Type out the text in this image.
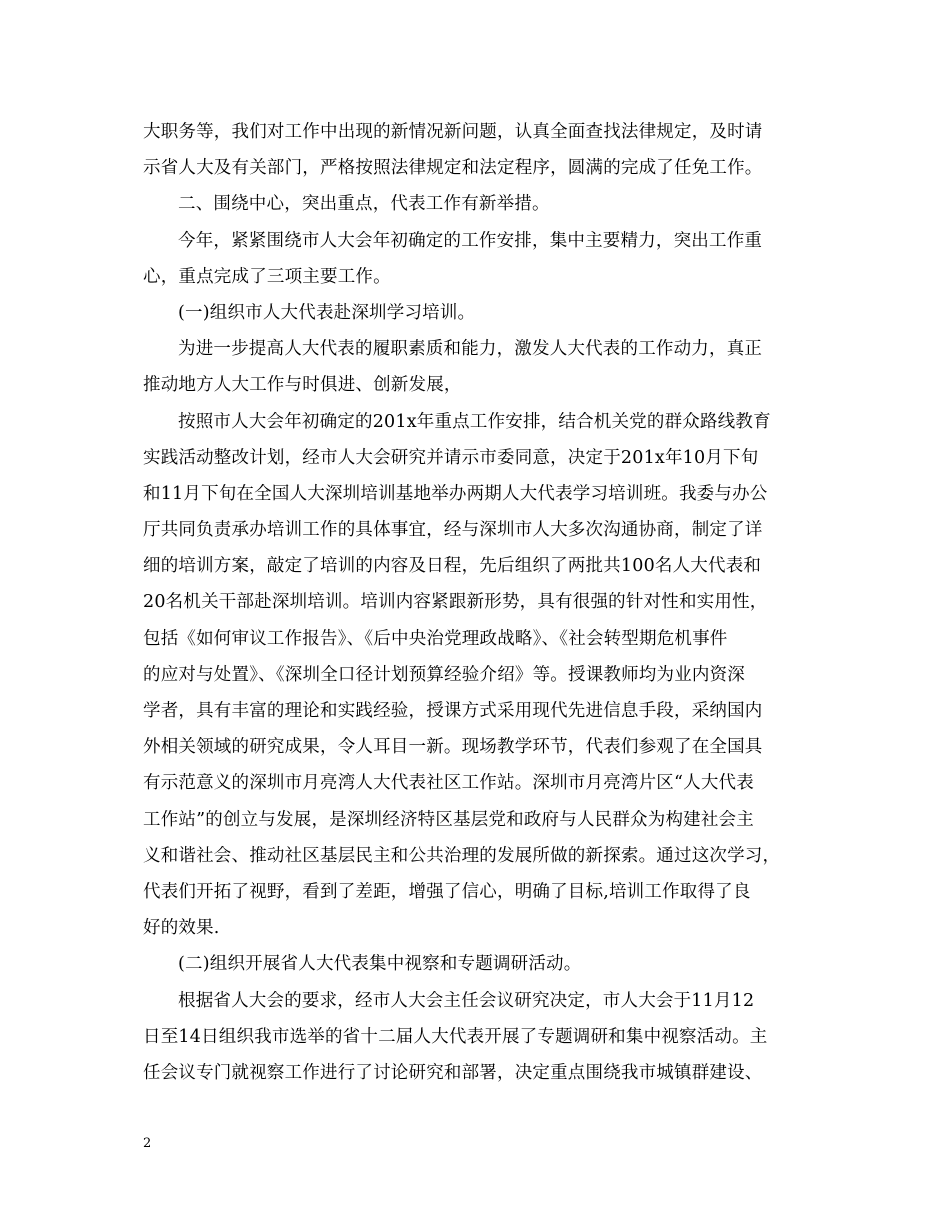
大职务等，我们对工作中出现的新情况新问题，认真全面查找法律规定，及时请
示省人大及有关部门，严格按照法律规定和法定程序，圆满的完成了任免工作。
二、围绕中心，突出重点，代表工作有新举措。
今年，紧紧围绕市人大会年初确定的工作安排，集中主要精力，突出工作重
心，重点完成了三项主要工作。
(一)组织市人大代表赴深圳学习培训。
为进一步提高人大代表的履职素质和能力，激发人大代表的工作动力，真正
推动地方人大工作与时俱进、创新发展，
按照市人大会年初确定的201x年重点工作安排，结合机关党的群众路线教育
实践活动整改计划，经市人大会研究并请示市委同意，决定于201x年10月下旬
和11月下旬在全国人大深圳培训基地举办两期人大代表学习培训班。我委与办公
厅共同负责承办培训工作的具体事宜，经与深圳市人大多次沟通协商，制定了详
细的培训方案，敲定了培训的内容及日程，先后组织了两批共100名人大代表和
20名机关干部赴深圳培训。培训内容紧跟新形势，具有很强的针对性和实用性，
包括《如何审议工作报告》、《后中央治党理政战略》、《社会转型期危机事件
的应对与处置》、《深圳全口径计划预算经验介绍》等。授课教师均为业内资深
学者，具有丰富的理论和实践经验，授课方式采用现代先进信息手段，采纳国内
外相关领域的研究成果，令人耳目一新。现场教学环节，代表们参观了在全国具
有示范意义的深圳市月亮湾人大代表社区工作站。深圳市月亮湾片区“人大代表
工作站”的创立与发展，是深圳经济特区基层党和政府与人民群众为构建社会主
义和谐社会、推动社区基层民主和公共治理的发展所做的新探索。通过这次学习，
代表们开拓了视野，看到了差距，增强了信心，明确了目标,培训工作取得了良
好的效果.
(二)组织开展省人大代表集中视察和专题调研活动。
根据省人大会的要求，经市人大会主任会议研究决定，市人大会于11月12
日至14日组织我市选举的省十二届人大代表开展了专题调研和集中视察活动。主
任会议专门就视察工作进行了讨论研究和部署，决定重点围绕我市城镇群建设、
2
